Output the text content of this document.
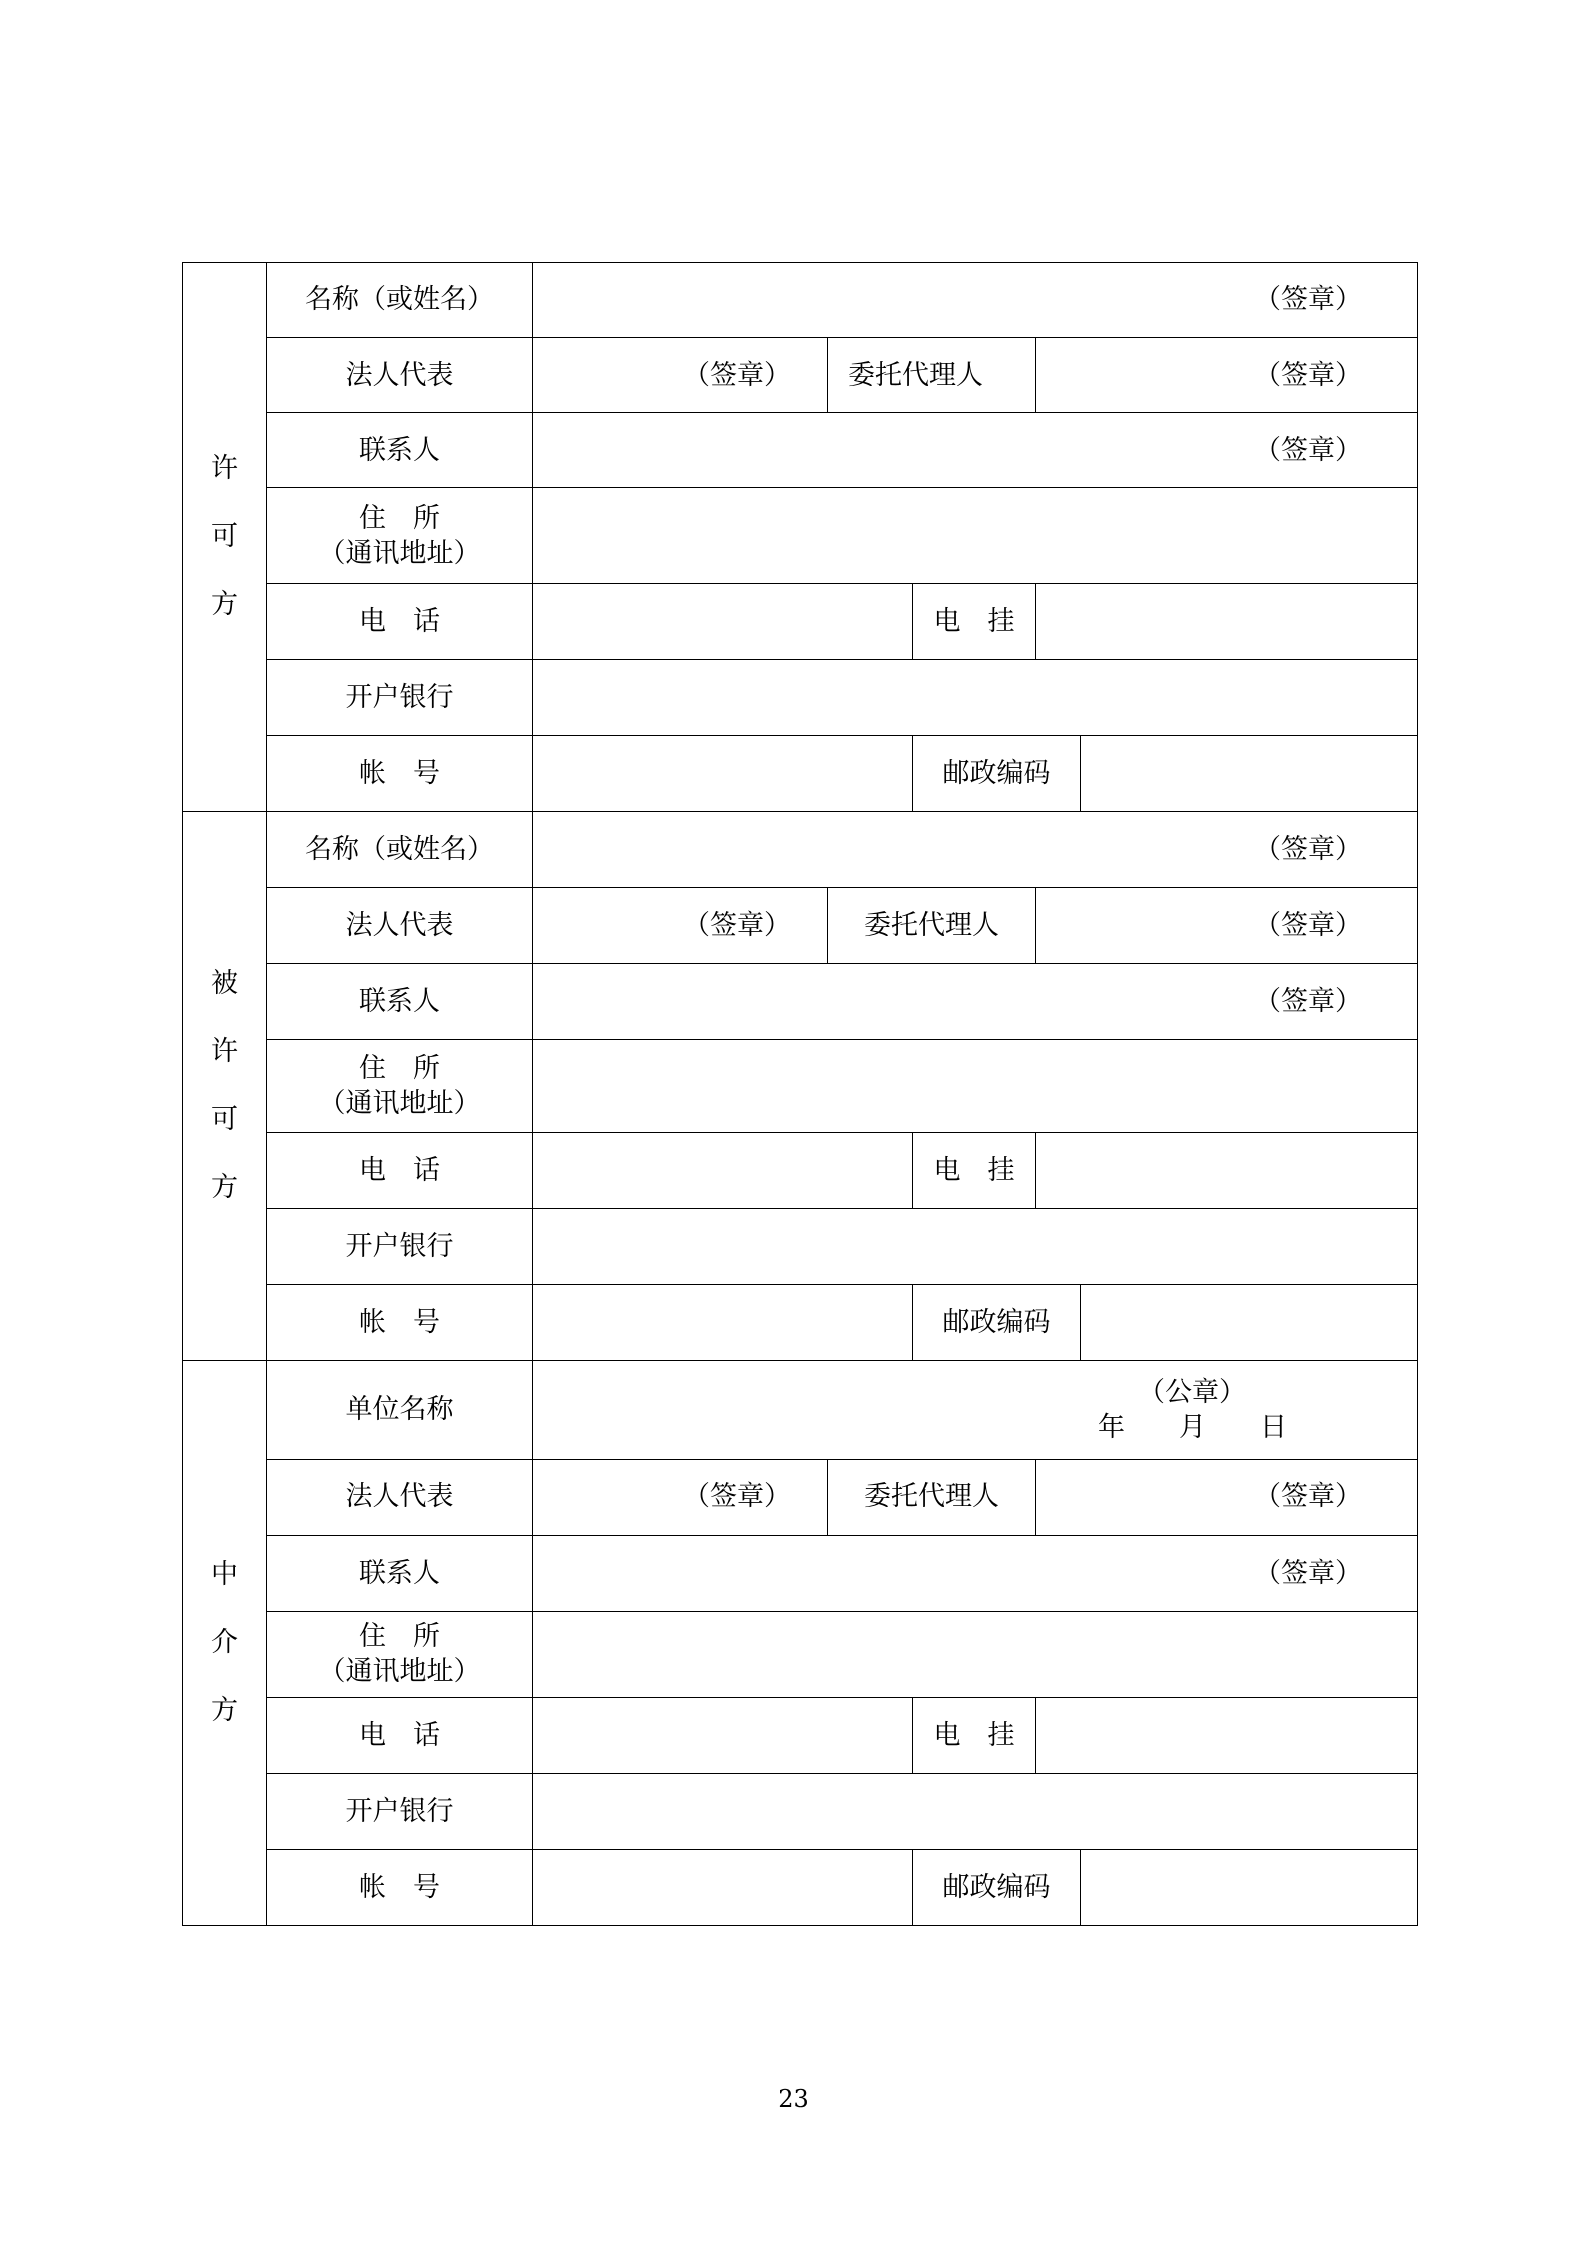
许可方	名称（或姓名）	（签章）				
	法人代表	（签章）	委托代理人		（签章）	
	联系人	（签章）				

	住　所
（通讯地址）					

	电　话			电　挂		
	开户银行					
	帐　号			邮政编码		
被许可方	名称（或姓名）	（签章）				
	法人代表	（签章）	委托代理人		（签章）	
	联系人	（签章）				

	住　所
（通讯地址）					

	电　话			电　挂		
	开户银行					
	帐　号			邮政编码		
中介方	单位名称	（公章）
年　　月　　日				

	法人代表	（签章）	委托代理人		（签章）	
	联系人	（签章）				

	住　所
（通讯地址）					

	电　话			电　挂		
	开户银行					
	帐　号			邮政编码		
23
